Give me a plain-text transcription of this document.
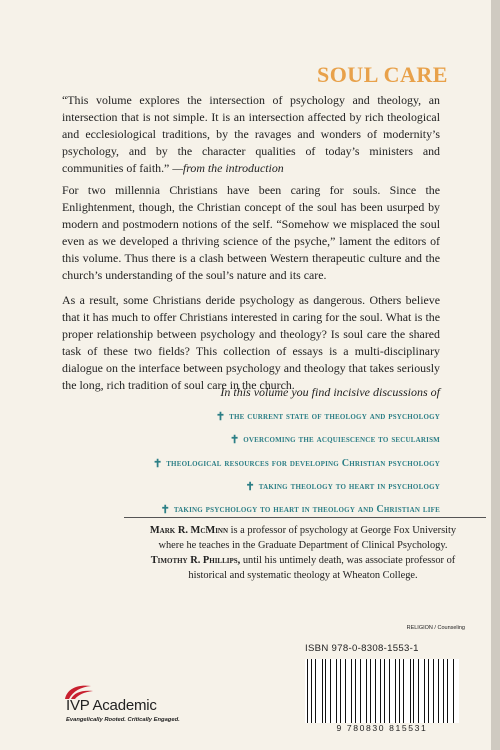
SOUL CARE

“This volume explores the intersection of psychology and theology, an intersection that is not simple. It is an intersection affected by rich theological and ecclesiological traditions, by the ravages and wonders of modernity’s psychology, and by the character qualities of today’s ministers and communities of faith.” —from the introduction

For two millennia Christians have been caring for souls. Since the Enlightenment, though, the Christian concept of the soul has been usurped by modern and postmodern notions of the self. “Somehow we misplaced the soul even as we developed a thriving science of the psyche,” lament the editors of this volume. Thus there is a clash between Western therapeutic culture and the church’s understanding of the soul’s nature and its care.

As a result, some Christians deride psychology as dangerous. Others believe that it has much to offer Christians interested in caring for the soul. What is the proper relationship between psychology and theology? Is soul care the shared task of these two fields? This collection of essays is a multi-disciplinary dialogue on the interface between psychology and theology that takes seriously the long, rich tradition of soul care in the church.

In this volume you find incisive discussions of
✝ the current state of theology and psychology
✝ overcoming the acquiescence to secularism
✝ theological resources for developing Christian psychology
✝ taking theology to heart in psychology
✝ taking psychology to heart in theology and Christian life
Mark R. McMinn is a professor of psychology at George Fox University where he teaches in the Graduate Department of Clinical Psychology.
Timothy R. Phillips, until his untimely death, was associate professor of historical and systematic theology at Wheaton College.
RELIGION / Counseling
ISBN 978-0-8308-1553-1
9 780830 815531
IVP Academic
Evangelically Rooted. Critically Engaged.
